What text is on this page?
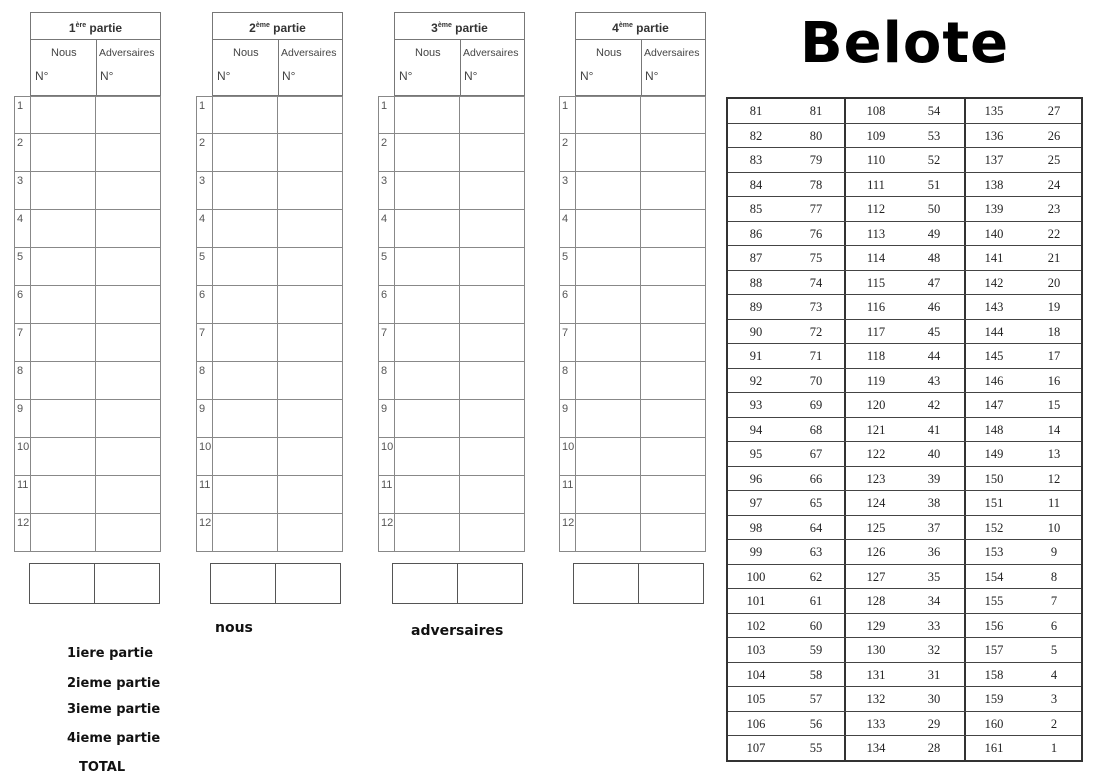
Belote
1ère partie
Nous Adversaires
N°	N°
1
2
3
4
5
6
7
8
9
10
11
12
2ème partie
Nous Adversaires
N°	N°
1
2
3
4
5
6
7
8
9
10
11
12
3ème partie
Nous Adversaires
N°	N°
1
2
3
4
5
6
7
8
9
10
11
12
4ème partie
Nous Adversaires
N°	N°
1
2
3
4
5
6
7
8
9
10
11
12
nous	adversaires
1iere partie
2ieme partie
3ieme partie
4ieme partie
TOTAL
81	81	108	54	135	27
82	80	109	53	136	26
83	79	110	52	137	25
84	78	111	51	138	24
85	77	112	50	139	23
86	76	113	49	140	22
87	75	114	48	141	21
88	74	115	47	142	20
89	73	116	46	143	19
90	72	117	45	144	18
91	71	118	44	145	17
92	70	119	43	146	16
93	69	120	42	147	15
94	68	121	41	148	14
95	67	122	40	149	13
96	66	123	39	150	12
97	65	124	38	151	11
98	64	125	37	152	10
99	63	126	36	153	9
100	62	127	35	154	8
101	61	128	34	155	7
102	60	129	33	156	6
103	59	130	32	157	5
104	58	131	31	158	4
105	57	132	30	159	3
106	56	133	29	160	2
107	55	134	28	161	1
